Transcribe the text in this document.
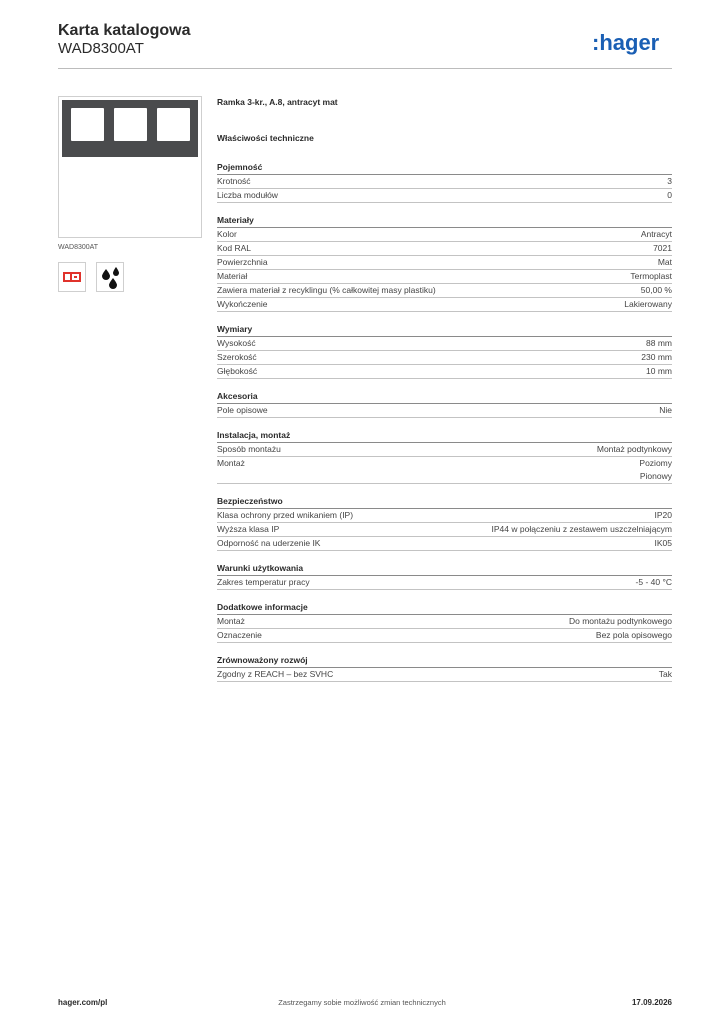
Karta katalogowa
WAD8300AT	:hager
WAD8300AT
Ramka 3-kr., A.8, antracyt mat
Właściwości techniczne
Pojemność
Krotność	3
Liczba modułów	0
Materiały
Kolor	Antracyt
Kod RAL	7021
Powierzchnia	Mat
Materiał	Termoplast
Zawiera materiał z recyklingu (% całkowitej masy plastiku)	50,00 %
Wykończenie	Lakierowany
Wymiary
Wysokość	88 mm
Szerokość	230 mm
Głębokość	10 mm
Akcesoria
Pole opisowe	Nie
Instalacja, montaż
Sposób montażu	Montaż podtynkowy
Montaż	Poziomy
Pionowy
Bezpieczeństwo
Klasa ochrony przed wnikaniem (IP)	IP20
Wyższa klasa IP	IP44 w połączeniu z zestawem uszczelniającym
Odporność na uderzenie IK	IK05
Warunki użytkowania
Zakres temperatur pracy	-5 - 40 °C
Dodatkowe informacje
Montaż	Do montażu podtynkowego
Oznaczenie	Bez pola opisowego
Zrównoważony rozwój
Zgodny z REACH – bez SVHC	Tak
hager.com/pl	Zastrzegamy sobie możliwość zmian technicznych	17.09.2026
